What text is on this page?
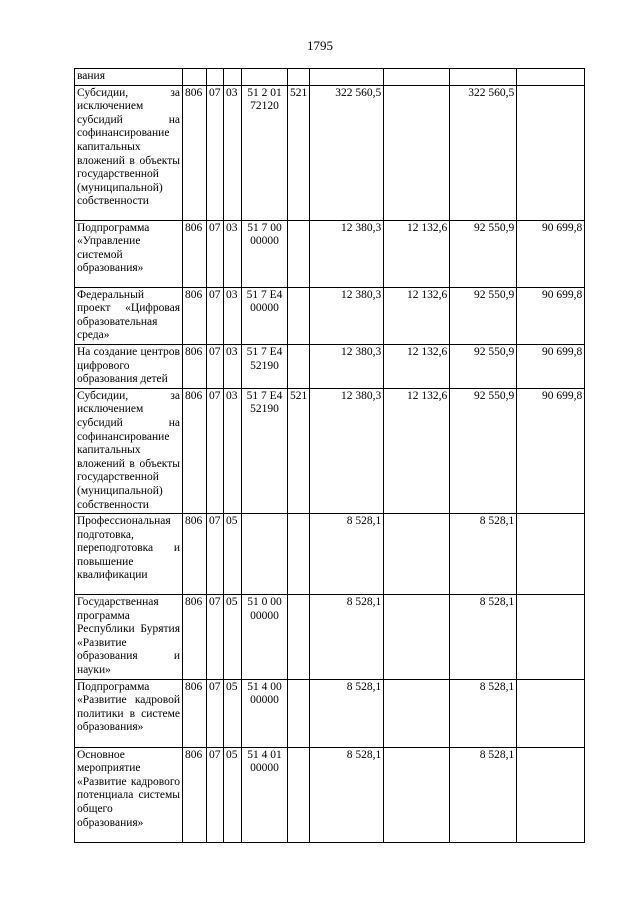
1795
вания									
Субсидии, за исключением субсидий на софинансирование капитальных вложений в объекты государственной (муниципальной) собственности	806	07	03	51 2 01 72120	521	322 560,5		322 560,5	
Подпрограмма «Управление системой образования»	806	07	03	51 7 00 00000		12 380,3	12 132,6	92 550,9	90 699,8
Федеральный проект «Цифровая образовательная среда»	806	07	03	51 7 E4 00000		12 380,3	12 132,6	92 550,9	90 699,8
На создание центров цифрового образования детей	806	07	03	51 7 E4 52190		12 380,3	12 132,6	92 550,9	90 699,8
Субсидии, за исключением субсидий на софинансирование капитальных вложений в объекты государственной (муниципальной) собственности	806	07	03	51 7 E4 52190	521	12 380,3	12 132,6	92 550,9	90 699,8
Профессиональная подготовка, переподготовка и повышение квалификации	806	07	05			8 528,1		8 528,1	
Государственная программа Республики Бурятия «Развитие образования и науки»	806	07	05	51 0 00 00000		8 528,1		8 528,1	
Подпрограмма «Развитие кадровой политики в системе образования»	806	07	05	51 4 00 00000		8 528,1		8 528,1	
Основное мероприятие «Развитие кадрового потенциала системы общего образования»	806	07	05	51 4 01 00000		8 528,1		8 528,1	
